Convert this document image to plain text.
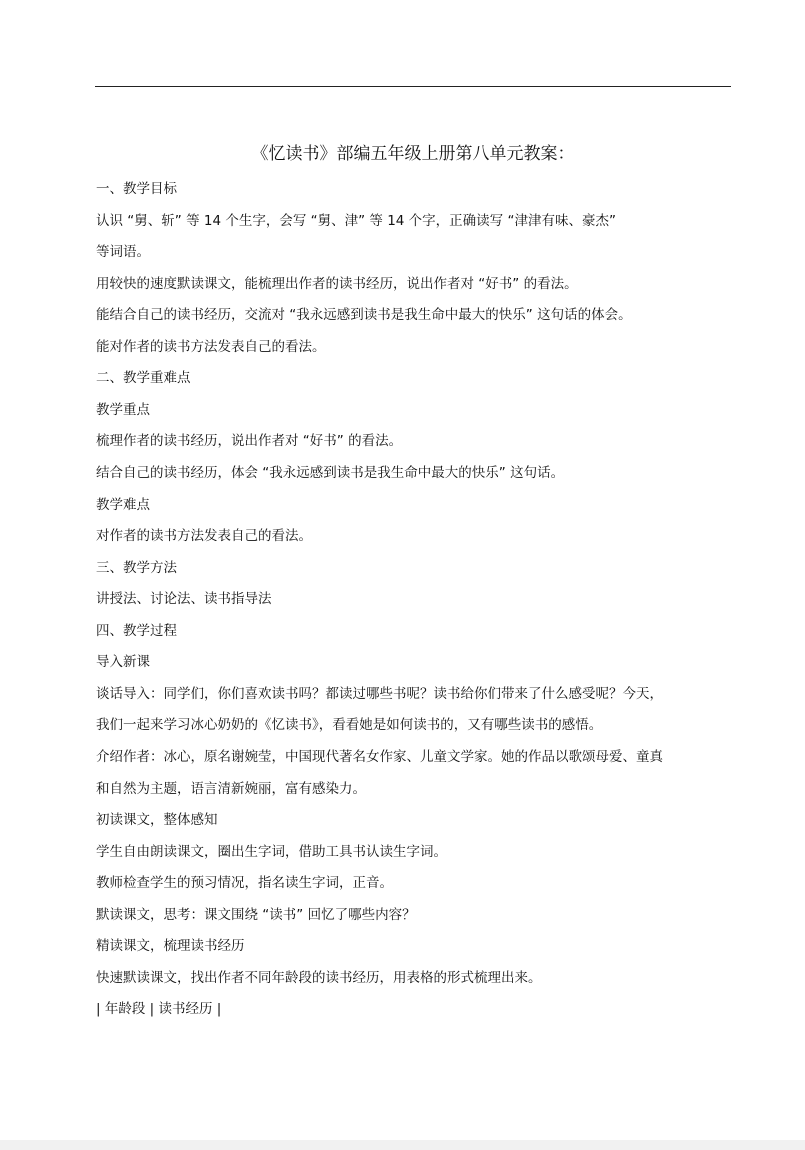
《忆读书》部编五年级上册第八单元教案：
一、教学目标
认识 “舅、斩” 等 14 个生字，会写 “舅、津” 等 14 个字，正确读写 “津津有味、豪杰”
等词语。
用较快的速度默读课文，能梳理出作者的读书经历，说出作者对 “好书” 的看法。
能结合自己的读书经历，交流对 “我永远感到读书是我生命中最大的快乐” 这句话的体会。
能对作者的读书方法发表自己的看法。
二、教学重难点
教学重点
梳理作者的读书经历，说出作者对 “好书” 的看法。
结合自己的读书经历，体会 “我永远感到读书是我生命中最大的快乐” 这句话。
教学难点
对作者的读书方法发表自己的看法。
三、教学方法
讲授法、讨论法、读书指导法
四、教学过程
导入新课
谈话导入：同学们，你们喜欢读书吗？都读过哪些书呢？读书给你们带来了什么感受呢？今天，
我们一起来学习冰心奶奶的《忆读书》，看看她是如何读书的，又有哪些读书的感悟。
介绍作者：冰心，原名谢婉莹，中国现代著名女作家、儿童文学家。她的作品以歌颂母爱、童真
和自然为主题，语言清新婉丽，富有感染力。
初读课文，整体感知
学生自由朗读课文，圈出生字词，借助工具书认读生字词。
教师检查学生的预习情况，指名读生字词，正音。
默读课文，思考：课文围绕 “读书” 回忆了哪些内容？
精读课文，梳理读书经历
快速默读课文，找出作者不同年龄段的读书经历，用表格的形式梳理出来。
| 年龄段 | 读书经历 |
